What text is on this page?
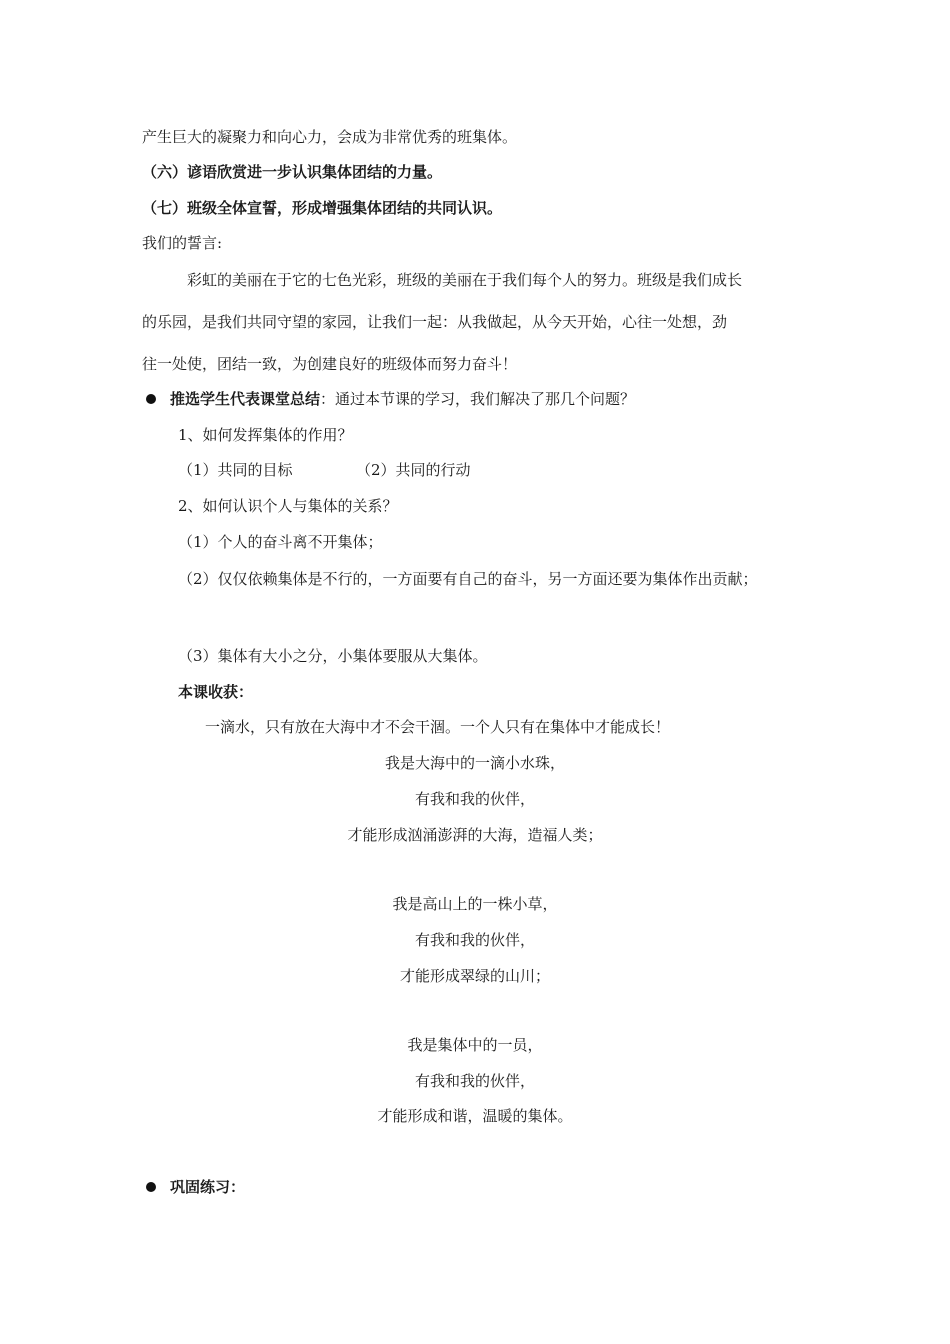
产生巨大的凝聚力和向心力，会成为非常优秀的班集体。
（六）谚语欣赏进一步认识集体团结的力量。
（七）班级全体宣誓，形成增强集体团结的共同认识。
我们的誓言:
彩虹的美丽在于它的七色光彩，班级的美丽在于我们每个人的努力。班级是我们成长
的乐园，是我们共同守望的家园，让我们一起：从我做起，从今天开始，心往一处想，劲
往一处使，团结一致，为创建良好的班级体而努力奋斗！
推选学生代表课堂总结：通过本节课的学习，我们解决了那几个问题？
1、如何发挥集体的作用？
（1）共同的目标	（2）共同的行动
2、如何认识个人与集体的关系？
（1）个人的奋斗离不开集体；
（2）仅仅依赖集体是不行的，一方面要有自己的奋斗，另一方面还要为集体作出贡献；
（3）集体有大小之分，小集体要服从大集体。
本课收获：
一滴水，只有放在大海中才不会干涸。一个人只有在集体中才能成长！
我是大海中的一滴小水珠，
有我和我的伙伴，
才能形成汹涌澎湃的大海，造福人类；
我是高山上的一株小草，
有我和我的伙伴，
才能形成翠绿的山川；
我是集体中的一员，
有我和我的伙伴，
才能形成和谐，温暖的集体。
巩固练习：
